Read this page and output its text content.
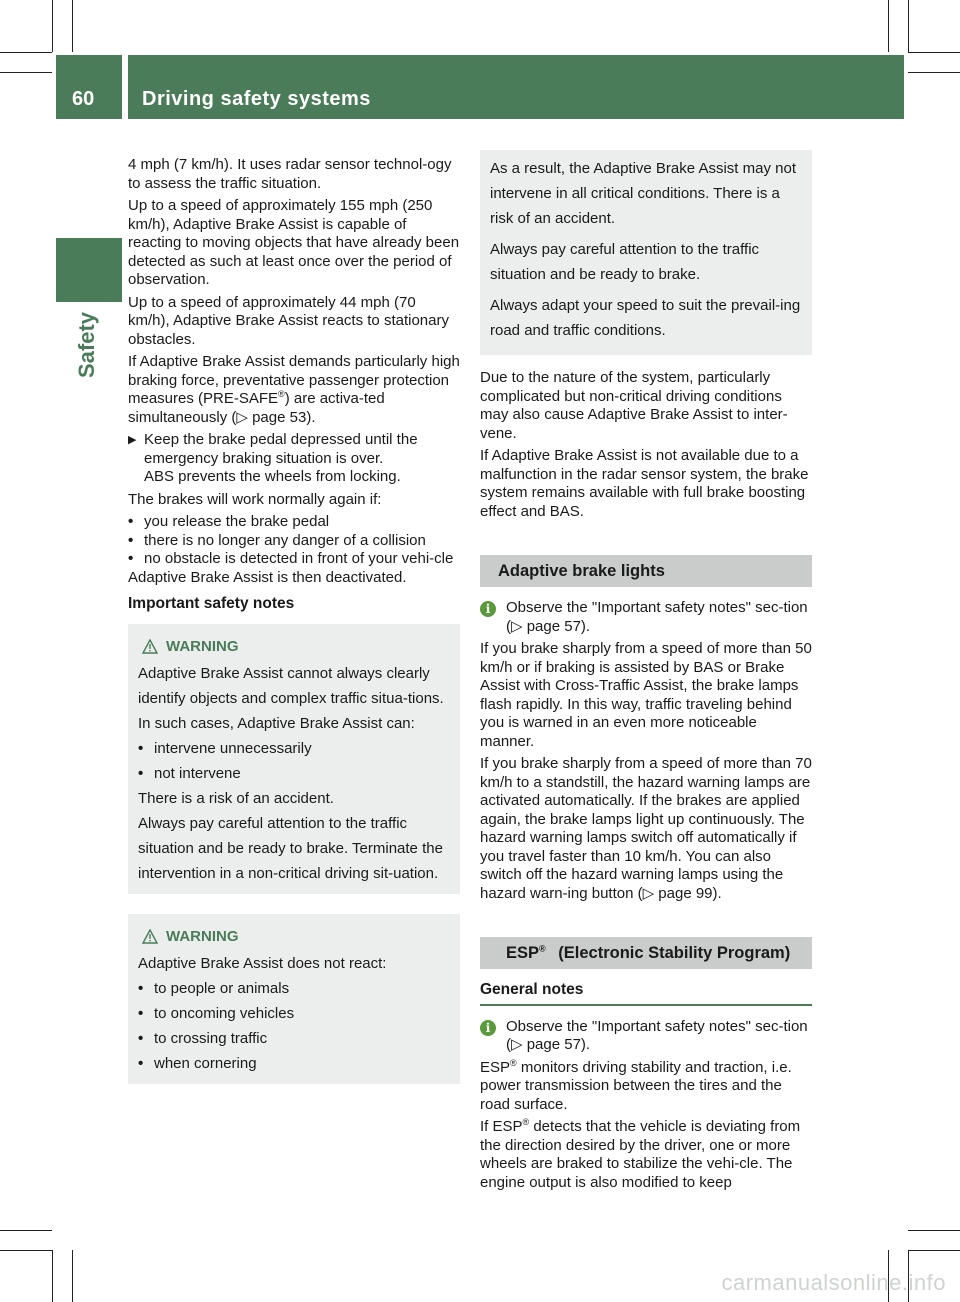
60 Driving safety systems
Safety

4 mph (7 km/h). It uses radar sensor technol-ogy to assess the traffic situation.

Up to a speed of approximately 155 mph (250 km/h), Adaptive Brake Assist is capable of reacting to moving objects that have already been detected as such at least once over the period of observation.

Up to a speed of approximately 44 mph (70 km/h), Adaptive Brake Assist reacts to stationary obstacles.

If Adaptive Brake Assist demands particularly high braking force, preventative passenger protection measures (PRE-SAFE®) are activa-ted simultaneously (▷ page 53).

▶ Keep the brake pedal depressed until the emergency braking situation is over.
ABS prevents the wheels from locking.

The brakes will work normally again if:

• you release the brake pedal
• there is no longer any danger of a collision
• no obstacle is detected in front of your vehi-cle

Adaptive Brake Assist is then deactivated.

Important safety notes
WARNING
Adaptive Brake Assist cannot always clearly identify objects and complex traffic situa-tions.
In such cases, Adaptive Brake Assist can:
• intervene unnecessarily
• not intervene
There is a risk of an accident.
Always pay careful attention to the traffic situation and be ready to brake. Terminate the intervention in a non-critical driving sit-uation.
WARNING
Adaptive Brake Assist does not react:
• to people or animals
• to oncoming vehicles
• to crossing traffic
• when cornering

As a result, the Adaptive Brake Assist may not intervene in all critical conditions. There is a risk of an accident.

Always pay careful attention to the traffic situation and be ready to brake.

Always adapt your speed to suit the prevail-ing road and traffic conditions.

Due to the nature of the system, particularly complicated but non-critical driving conditions may also cause Adaptive Brake Assist to inter-vene.

If Adaptive Brake Assist is not available due to a malfunction in the radar sensor system, the brake system remains available with full brake boosting effect and BAS.

Adaptive brake lights
i	Observe the "Important safety notes" sec-tion (▷ page 57).

If you brake sharply from a speed of more than 50 km/h or if braking is assisted by BAS or Brake Assist with Cross-Traffic Assist, the brake lamps flash rapidly. In this way, traffic traveling behind you is warned in an even more noticeable manner.

If you brake sharply from a speed of more than 70 km/h to a standstill, the hazard warning lamps are activated automatically. If the brakes are applied again, the brake lamps light up continuously. The hazard warning lamps switch off automatically if you travel faster than 10 km/h. You can also switch off the hazard warning lamps using the hazard warn-ing button (▷ page 99).

ESP® (Electronic Stability Program)
General notes
i	Observe the "Important safety notes" sec-tion (▷ page 57).

ESP® monitors driving stability and traction, i.e. power transmission between the tires and the road surface.

If ESP® detects that the vehicle is deviating from the direction desired by the driver, one or more wheels are braked to stabilize the vehi-cle. The engine output is also modified to keep

carmanualsonline.info
